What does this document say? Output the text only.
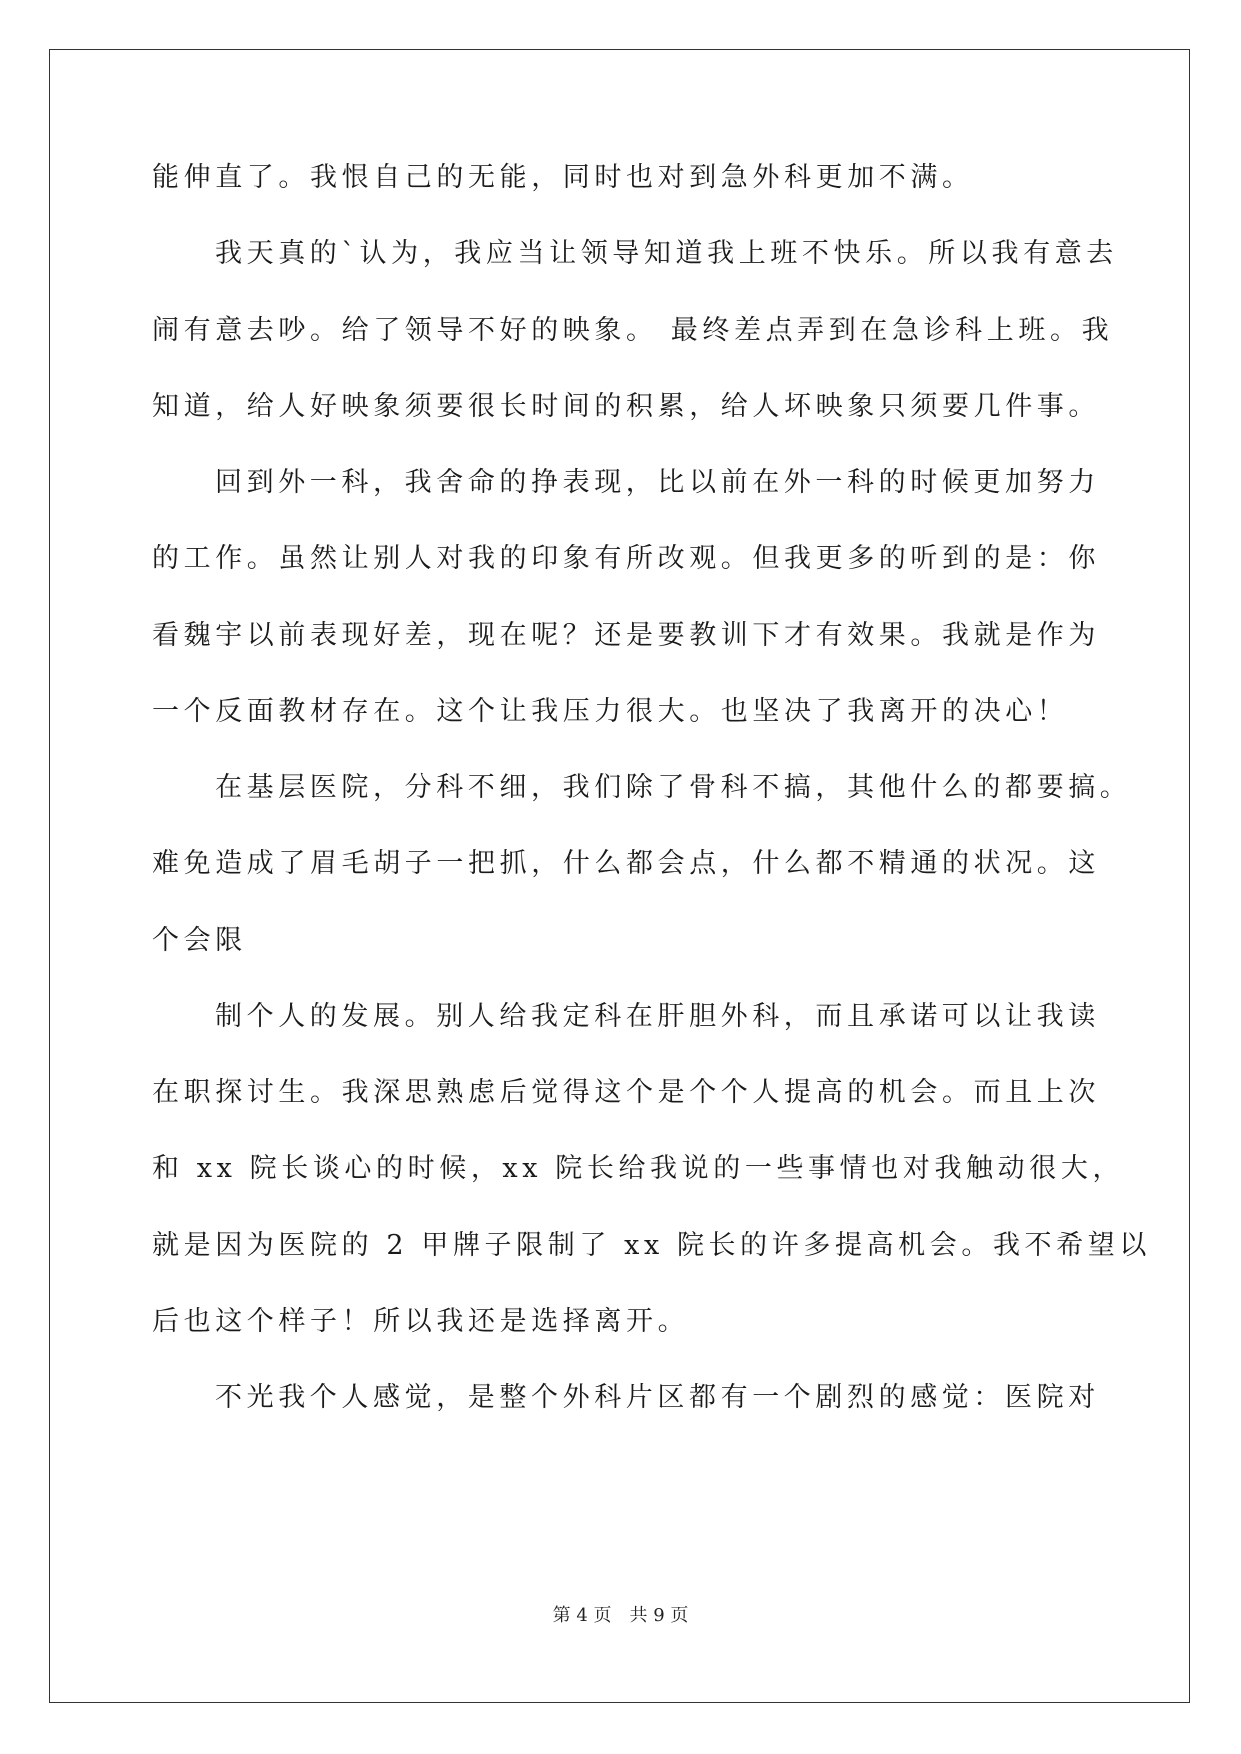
能伸直了。我恨自己的无能，同时也对到急外科更加不满。
我天真的`认为，我应当让领导知道我上班不快乐。所以我有意去
闹有意去吵。给了领导不好的映象。 最终差点弄到在急诊科上班。我
知道，给人好映象须要很长时间的积累，给人坏映象只须要几件事。
回到外一科，我舍命的挣表现，比以前在外一科的时候更加努力
的工作。虽然让别人对我的印象有所改观。但我更多的听到的是：你
看魏宇以前表现好差，现在呢？还是要教训下才有效果。我就是作为
一个反面教材存在。这个让我压力很大。也坚决了我离开的决心！
在基层医院，分科不细，我们除了骨科不搞，其他什么的都要搞。
难免造成了眉毛胡子一把抓，什么都会点，什么都不精通的状况。这
个会限
制个人的发展。别人给我定科在肝胆外科，而且承诺可以让我读
在职探讨生。我深思熟虑后觉得这个是个个人提高的机会。而且上次
和 xx 院长谈心的时候，xx 院长给我说的一些事情也对我触动很大，
就是因为医院的 2 甲牌子限制了 xx 院长的许多提高机会。我不希望以
后也这个样子！所以我还是选择离开。
不光我个人感觉，是整个外科片区都有一个剧烈的感觉：医院对
第 4 页 共 9 页
